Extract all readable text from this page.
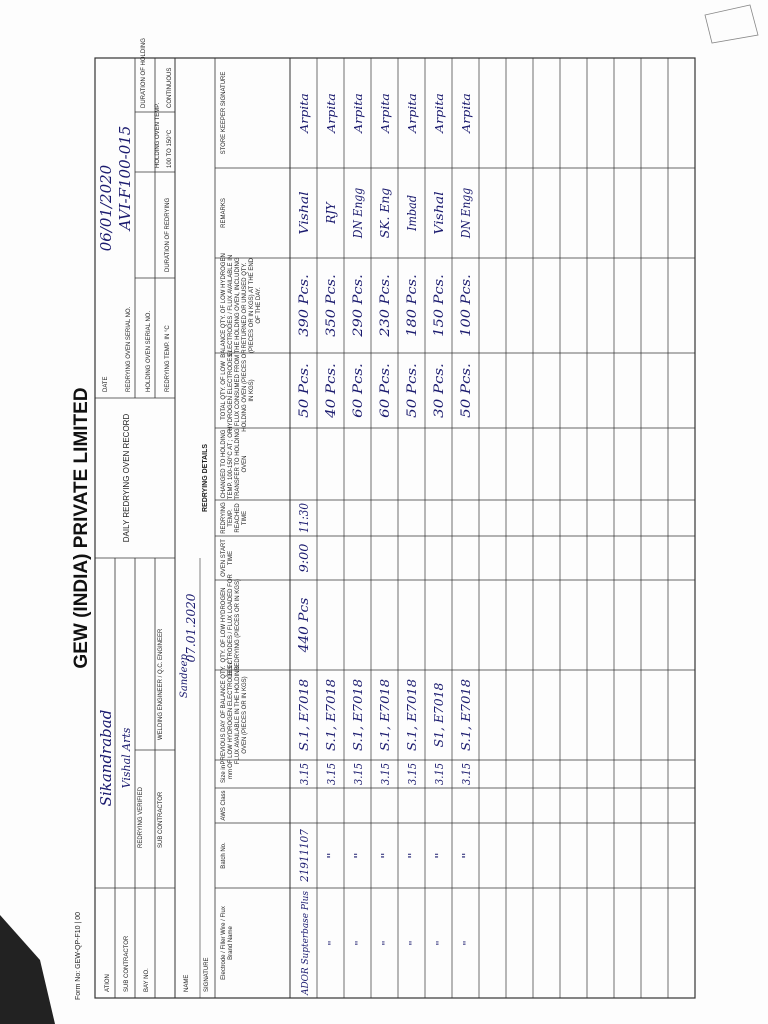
GEW (INDIA) PRIVATE LIMITED
ATION SUB CONTRACTOR BAY NO.
REDRYING VERIFIED SUB CONTRACTOR
WELDING ENGINEER / Q.C. ENGINEER
Sikandrabad Vishal Arts
Sandeep
07.01.2020
DAILY REDRYING OVEN RECORD
DATE
06/01/2020
REDRYING OVEN SERIAL NO.
AVI-F100-015
HOLDING OVEN SERIAL NO. REDRYING TEMP. IN °C
DURATION OF REDRYING
HOLDING OVEN TEMP. 100 TO 150°C
DURATION OF HOLDING	CONTINUOUS
NAME SIGNATURE
REDRYING DETAILS
Electrode / Filler Wire / FluxBrand Name
Batch No.
AWS Class
Size inmm
PREVIOUS DAY OF BALANCE QTY.OF LOW HYDROGEN ELECTRODES /FLUX AVAILABLE IN THE HOLDINGOVEN (PIECES OR IN KGS)
QTY. OF LOW HYDROGENELECTRODES / FLUX LOADED FORREDRYING (PIECES OR IN KGS)
OVEN STARTTIME
REDRYINGTEMP.REACHEDTIME
CHANGED TO HOLDINGTEMP. 100-150°C AT ; ORTRANSFER TO HOLDINGOVEN
TOTAL QTY. OF LOWHYDROGEN ELECTRODES /FLUX CONSUMED FROMHOLDING OVEN (PIECES ORIN KGS)
BALANCE QTY. OF LOW HYDROGENELECTRODES / FLUX AVAILABLE INTHE HOLDING OVEN, INCLUDINGRETURNED OR UNUSED QTY.(PIECES OR IN KGS) AT THE ENDOF THE DAY.
REMARKS
STORE KEEPER SIGNATURE
ADOR Supterbase Plus
21911107
3.15
S.1, E7018
440 Pcs
9:00
11:30
50 Pcs.
390 Pcs.
Vishal
Arpita
"
"
3.15
S.1, E7018
40 Pcs.
350 Pcs.
RJY
Arpita
"
"
3.15
S.1, E7018
60 Pcs.
290 Pcs.
DN Engg
Arpita
"
"
3.15
S.1, E7018
60 Pcs.
230 Pcs.
SK. Eng
Arpita
"
"
3.15
S.1, E7018
50 Pcs.
180 Pcs.
Imbad
Arpita
"
"
3.15
S1, E7018
30 Pcs.
150 Pcs.
Vishal
Arpita
"
"
3.15
S.1, E7018
50 Pcs.
100 Pcs.
DN Engg
Arpita
Form No: GEW-QP-F10 | 00
